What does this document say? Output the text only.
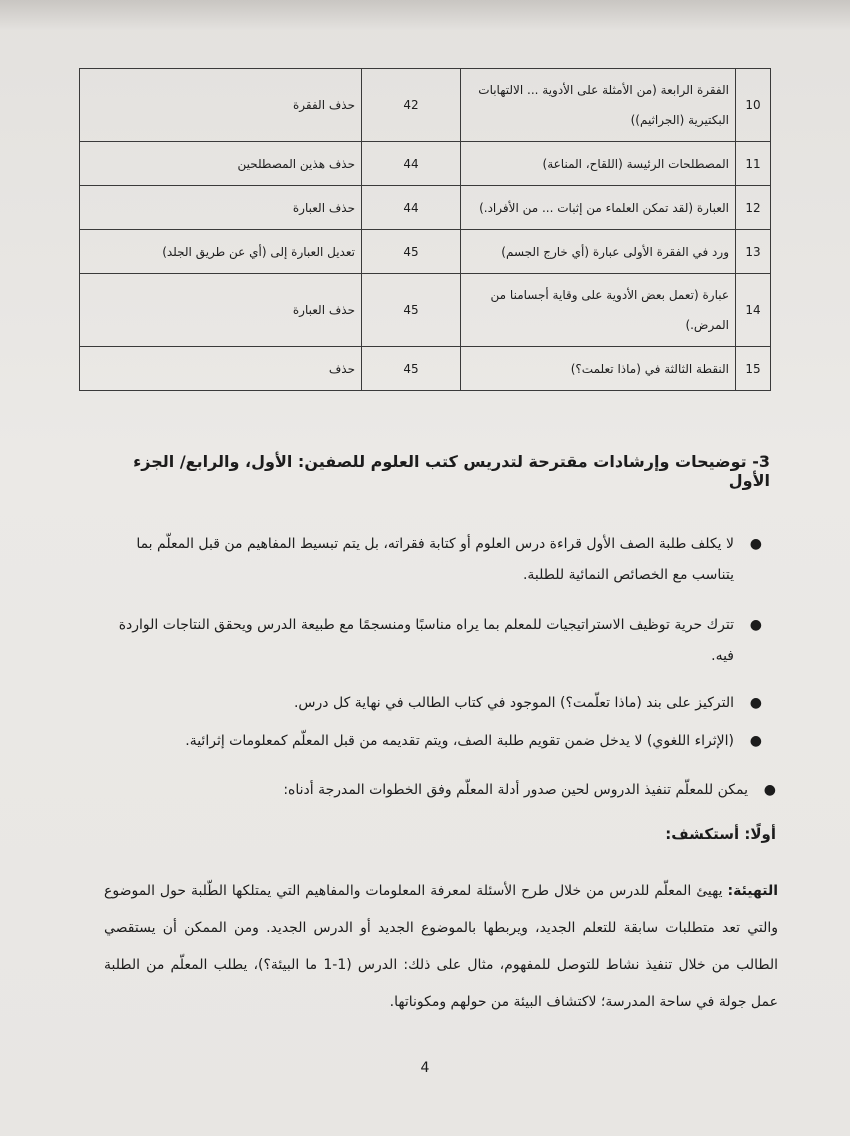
10	الفقرة الرابعة (من الأمثلة على الأدوية ... الالتهابات البكتيرية (الجراثيم))	42	حذف الفقرة
11	المصطلحات الرئيسة (اللقاح، المناعة)	44	حذف هذين المصطلحين
12	العبارة (لقد تمكن العلماء من إثبات ... من الأفراد.)	44	حذف العبارة
13	ورد في الفقرة الأولى عبارة (أي خارج الجسم)	45	تعديل العبارة إلى (أي عن طريق الجلد)
14	عبارة (تعمل بعض الأدوية على وقاية أجسامنا من المرض.)	45	حذف العبارة
15	النقطة الثالثة في (ماذا تعلمت؟)	45	حذف
3- توضيحات وإرشادات مقترحة لتدريس كتب العلوم للصفين: الأول، والرابع/ الجزء الأول
●
لا يكلف طلبة الصف الأول قراءة درس العلوم أو كتابة فقراته، بل يتم تبسيط المفاهيم من قبل المعلّم بما يتناسب مع الخصائص النمائية للطلبة.
●
تترك حرية توظيف الاستراتيجيات للمعلم بما يراه مناسبًا ومنسجمًا مع طبيعة الدرس ويحقق النتاجات الواردة فيه.
●
التركيز على بند (ماذا تعلّمت؟) الموجود في كتاب الطالب في نهاية كل درس.
●
(الإثراء اللغوي) لا يدخل ضمن تقويم طلبة الصف، ويتم تقديمه من قبل المعلّم كمعلومات إثرائية.
●
يمكن للمعلّم تنفيذ الدروس لحين صدور أدلة المعلّم وفق الخطوات المدرجة أدناه:
أولًا: أستكشف:
التهيئة: يهيئ المعلّم للدرس من خلال طرح الأسئلة لمعرفة المعلومات والمفاهيم التي يمتلكها الطّلبة حول الموضوع والتي تعد متطلبات سابقة للتعلم الجديد، ويربطها بالموضوع الجديد أو الدرس الجديد. ومن الممكن أن يستقصي الطالب من خلال تنفيذ نشاط للتوصل للمفهوم، مثال على ذلك: الدرس (1-1 ما البيئة؟)، يطلب المعلّم من الطلبة عمل جولة في ساحة المدرسة؛ لاكتشاف البيئة من حولهم ومكوناتها.
4
